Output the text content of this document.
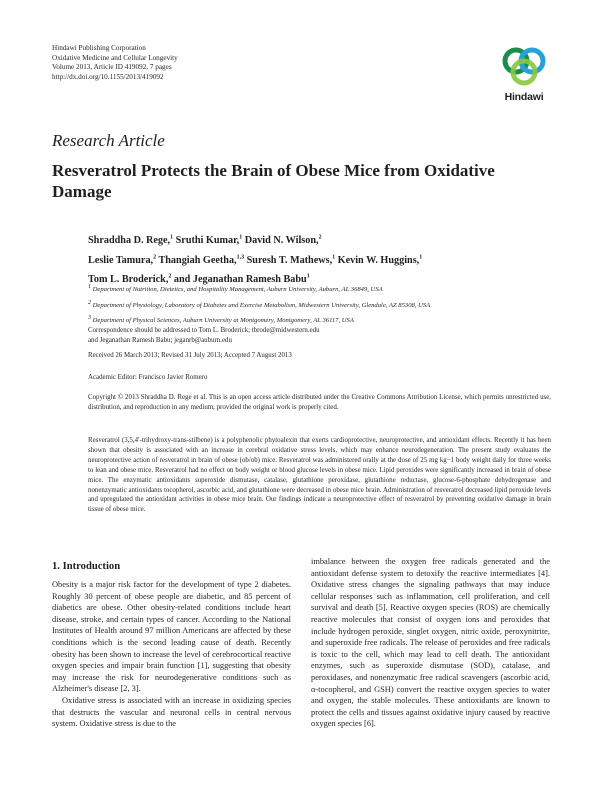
Hindawi Publishing Corporation
Oxidative Medicine and Cellular Longevity
Volume 2013, Article ID 419092, 7 pages
http://dx.doi.org/10.1155/2013/419092
Hindawi
Research Article
Resveratrol Protects the Brain of Obese Mice from Oxidative Damage
Shraddha D. Rege,$^1$ Sruthi Kumar,$^1$ David N. Wilson,$^2$
Leslie Tamura,$^2$ Thangiah Geetha,$^{1,3}$ Suresh T. Mathews,$^1$ Kevin W. Huggins,$^1$
Tom L. Broderick,$^2$ and Jeganathan Ramesh Babu$^1$
$^1$ Department of Nutrition, Dietetics, and Hospitality Management, Auburn University, Auburn, AL 36849, USA
$^2$ Department of Physiology, Laboratory of Diabetes and Exercise Metabolism, Midwestern University, Glendale, AZ 85308, USA
$^3$ Department of Physical Sciences, Auburn University at Montgomery, Montgomery, AL 36117, USA
Correspondence should be addressed to Tom L. Broderick; tbrode@midwestern.edu
and Jeganathan Ramesh Babu; jeganrb@auburn.edu
Received 26 March 2013; Revised 31 July 2013; Accepted 7 August 2013
Academic Editor: Francisco Javier Romero
Copyright © 2013 Shraddha D. Rege et al. This is an open access article distributed under the Creative Commons Attribution License, which permits unrestricted use, distribution, and reproduction in any medium, provided the original work is properly cited.
Resveratrol (3,5,4′-trihydroxy-trans-stilbene) is a polyphenolic phytoalexin that exerts cardioprotective, neuroprotective, and antioxidant effects. Recently it has been shown that obesity is associated with an increase in cerebral oxidative stress levels, which may enhance neurodegeneration. The present study evaluates the neuroprotective action of resveratrol in brain of obese (ob/ob) mice. Resveratrol was administered orally at the dose of 25 mg kg−1 body weight daily for three weeks to lean and obese mice. Resveratrol had no effect on body weight or blood glucose levels in obese mice. Lipid peroxides were significantly increased in brain of obese mice. The enzymatic antioxidants superoxide dismutase, catalase, glutathione peroxidase, glutathione reductase, glucose-6-phosphate dehydrogenase and nonenzymatic antioxidants tocopherol, ascorbic acid, and glutathione were decreased in obese mice brain. Administration of resveratrol decreased lipid peroxide levels and upregulated the antioxidant activities in obese mice brain. Our findings indicate a neuroprotective effect of resveratrol by preventing oxidative damage in brain tissue of obese mice.
1. Introduction

Obesity is a major risk factor for the development of type 2 diabetes. Roughly 30 percent of obese people are diabetic, and 85 percent of diabetics are obese. Other obesity-related conditions include heart disease, stroke, and certain types of cancer. According to the National Institutes of Health around 97 million Americans are affected by these conditions which is the second leading cause of death. Recently obesity has been shown to increase the level of cerebrocortical reactive oxygen species and impair brain function [1], suggesting that obesity may increase the risk for neurodegenerative conditions such as Alzheimer's disease [2, 3].

Oxidative stress is associated with an increase in oxidizing species that destructs the vascular and neuronal cells in central nervous system. Oxidative stress is due to the

imbalance between the oxygen free radicals generated and the antioxidant defense system to detoxify the reactive intermediates [4]. Oxidative stress changes the signaling pathways that may induce cellular responses such as inflammation, cell proliferation, and cell survival and death [5]. Reactive oxygen species (ROS) are chemically reactive molecules that consist of oxygen ions and peroxides that include hydrogen peroxide, singlet oxygen, nitric oxide, peroxynitrite, and superoxide free radicals. The release of peroxides and free radicals is toxic to the cell, which may lead to cell death. The antioxidant enzymes, such as superoxide dismutase (SOD), catalase, and peroxidases, and nonenzymatic free radical scavengers (ascorbic acid, α-tocopherol, and GSH) convert the reactive oxygen species to water and oxygen, the stable molecules. These antioxidants are known to protect the cells and tissues against oxidative injury caused by reactive oxygen species [6].
